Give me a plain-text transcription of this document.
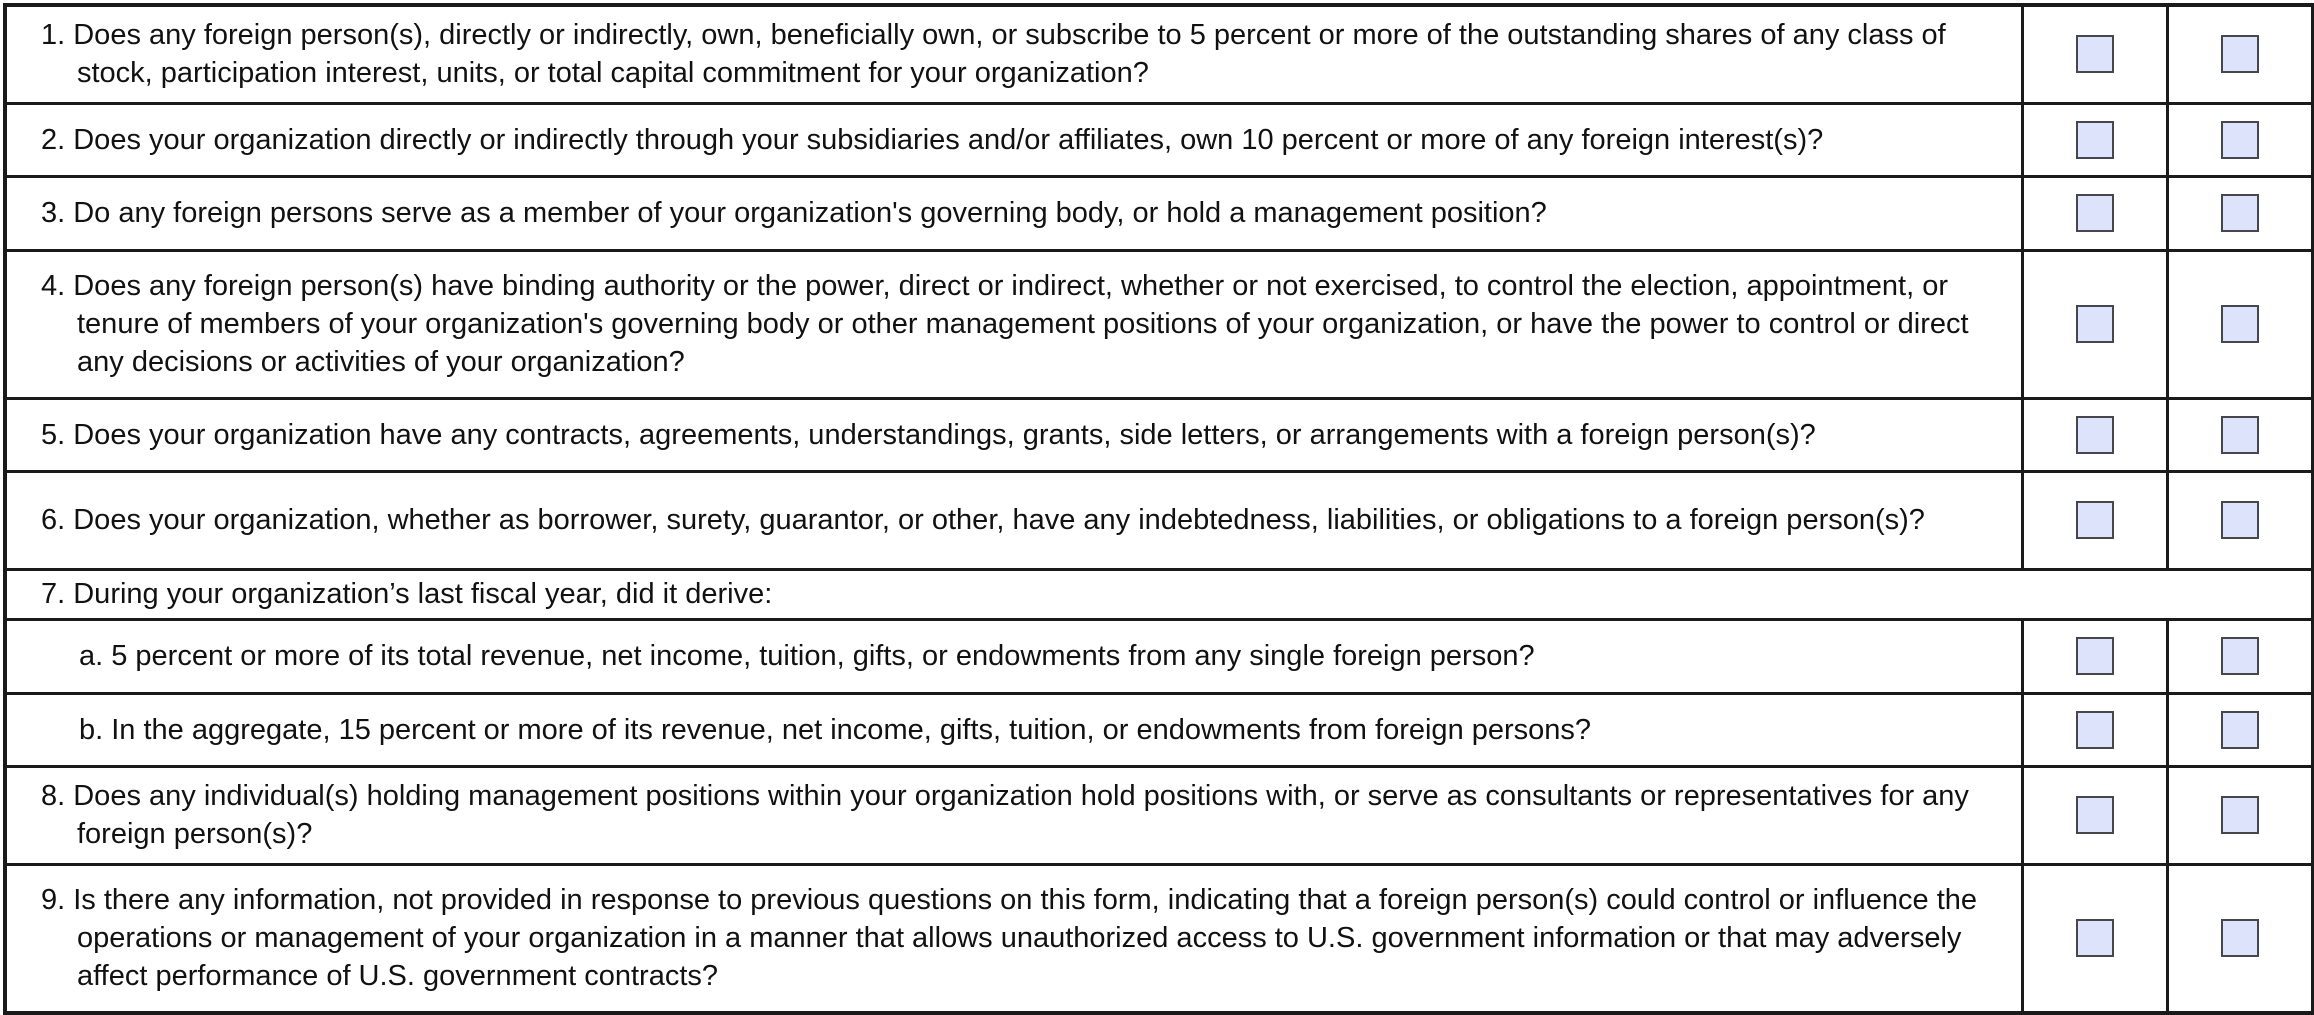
1. Does any foreign person(s), directly or indirectly, own, beneficially own, or subscribe to 5 percent or more of the outstanding shares of any class of stock, participation interest, units, or total capital commitment for your organization?		

2. Does your organization directly or indirectly through your subsidiaries and/or affiliates, own 10 percent or more of any foreign interest(s)?		

3. Do any foreign persons serve as a member of your organization's governing body, or hold a management position?		

4. Does any foreign person(s) have binding authority or the power, direct or indirect, whether or not exercised, to control the election, appointment, or tenure of members of your organization's governing body or other management positions of your organization, or have the power to control or direct any decisions or activities of your organization?		

5. Does your organization have any contracts, agreements, understandings, grants, side letters, or arrangements with a foreign person(s)?		

6. Does your organization, whether as borrower, surety, guarantor, or other, have any indebtedness, liabilities, or obligations to a foreign person(s)?		

7. During your organization’s last fiscal year, did it derive:		

a. 5 percent or more of its total revenue, net income, tuition, gifts, or endowments from any single foreign person?		

b. In the aggregate, 15 percent or more of its revenue, net income, gifts, tuition, or endowments from foreign persons?		

8. Does any individual(s) holding management positions within your organization hold positions with, or serve as consultants or representatives for any foreign person(s)?		

9. Is there any information, not provided in response to previous questions on this form, indicating that a foreign person(s) could control or influence the operations or management of your organization in a manner that allows unauthorized access to U.S. government information or that may adversely affect performance of U.S. government contracts?		
